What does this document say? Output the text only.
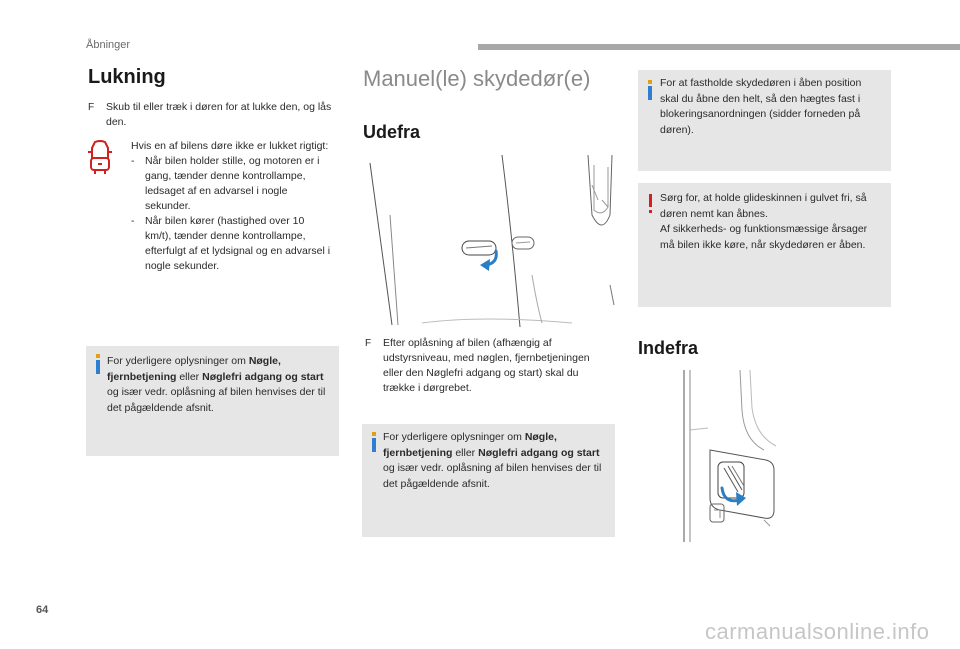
Åbninger
Lukning
F	Skub til eller træk i døren for at lukke den, og lås den.
Hvis en af bilens døre ikke er lukket rigtigt:
-	Når bilen holder stille, og motoren er i gang, tænder denne kontrollampe, ledsaget af en advarsel i nogle sekunder.
-	Når bilen kører (hastighed over 10 km/t), tænder denne kontrollampe, efterfulgt af et lydsignal og en advarsel i nogle sekunder.
For yderligere oplysninger om Nøgle, fjernbetjening eller Nøglefri adgang og start og især vedr. oplåsning af bilen henvises der til det pågældende afsnit.
Manuel(le) skydedør(e)
Udefra
F	Efter oplåsning af bilen (afhængig af udstyrsniveau, med nøglen, fjernbetjeningen eller den Nøglefri adgang og start) skal du trække i dørgrebet.
For yderligere oplysninger om Nøgle, fjernbetjening eller Nøglefri adgang og start og især vedr. oplåsning af bilen henvises der til det pågældende afsnit.
For at fastholde skydedøren i åben position skal du åbne den helt, så den hægtes fast i blokeringsanordningen (sidder forneden på døren).
Sørg for, at holde glideskinnen i gulvet fri, så døren nemt kan åbnes.
Af sikkerheds- og funktionsmæssige årsager må bilen ikke køre, når skydedøren er åben.
Indefra
64
carmanualsonline.info
